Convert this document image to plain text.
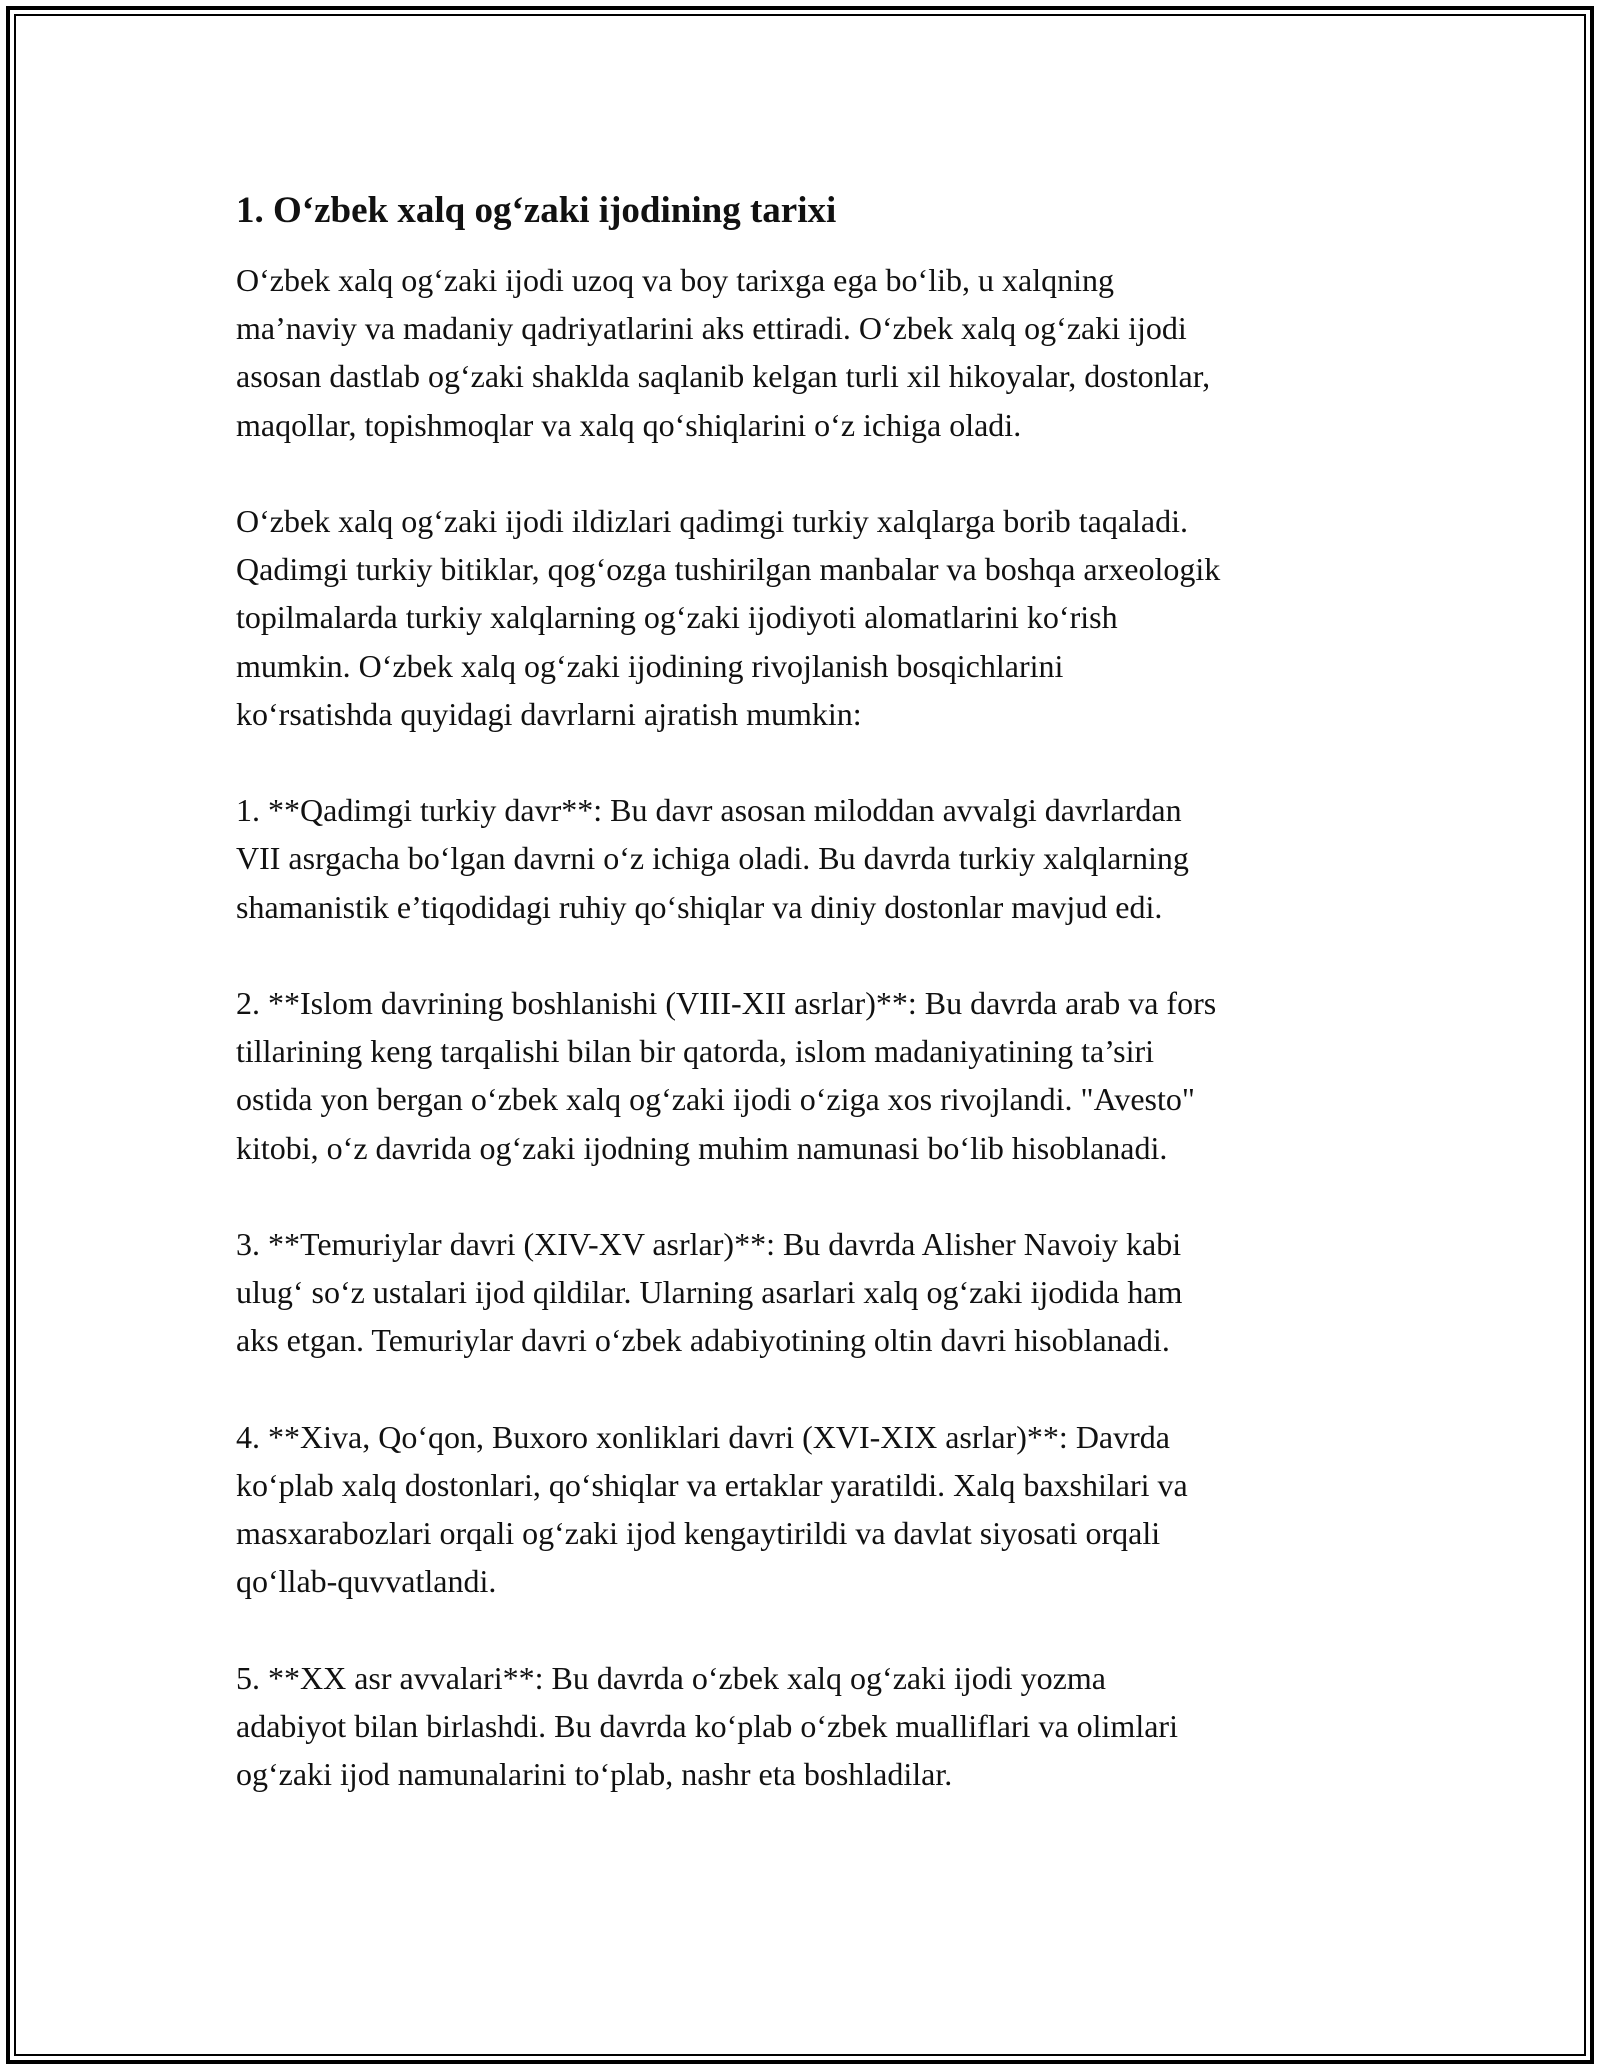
1. O‘zbek xalq og‘zaki ijodining tarixi

O‘zbek xalq og‘zaki ijodi uzoq va boy tarixga ega bo‘lib, u xalqning
ma’naviy va madaniy qadriyatlarini aks ettiradi. O‘zbek xalq og‘zaki ijodi
asosan dastlab og‘zaki shaklda saqlanib kelgan turli xil hikoyalar, dostonlar,
maqollar, topishmoqlar va xalq qo‘shiqlarini o‘z ichiga oladi.

O‘zbek xalq og‘zaki ijodi ildizlari qadimgi turkiy xalqlarga borib taqaladi.
Qadimgi turkiy bitiklar, qog‘ozga tushirilgan manbalar va boshqa arxeologik
topilmalarda turkiy xalqlarning og‘zaki ijodiyoti alomatlarini ko‘rish
mumkin. O‘zbek xalq og‘zaki ijodining rivojlanish bosqichlarini
ko‘rsatishda quyidagi davrlarni ajratish mumkin:

1. **Qadimgi turkiy davr**: Bu davr asosan miloddan avvalgi davrlardan
VII asrgacha bo‘lgan davrni o‘z ichiga oladi. Bu davrda turkiy xalqlarning
shamanistik e’tiqodidagi ruhiy qo‘shiqlar va diniy dostonlar mavjud edi.

2. **Islom davrining boshlanishi (VIII-XII asrlar)**: Bu davrda arab va fors
tillarining keng tarqalishi bilan bir qatorda, islom madaniyatining ta’siri
ostida yon bergan o‘zbek xalq og‘zaki ijodi o‘ziga xos rivojlandi. "Avesto"
kitobi, o‘z davrida og‘zaki ijodning muhim namunasi bo‘lib hisoblanadi.

3. **Temuriylar davri (XIV-XV asrlar)**: Bu davrda Alisher Navoiy kabi
ulug‘ so‘z ustalari ijod qildilar. Ularning asarlari xalq og‘zaki ijodida ham
aks etgan. Temuriylar davri o‘zbek adabiyotining oltin davri hisoblanadi.

4. **Xiva, Qo‘qon, Buxoro xonliklari davri (XVI-XIX asrlar)**: Davrda
ko‘plab xalq dostonlari, qo‘shiqlar va ertaklar yaratildi. Xalq baxshilari va
masxarabozlari orqali og‘zaki ijod kengaytirildi va davlat siyosati orqali
qo‘llab-quvvatlandi.

5. **XX asr avvalari**: Bu davrda o‘zbek xalq og‘zaki ijodi yozma
adabiyot bilan birlashdi. Bu davrda ko‘plab o‘zbek mualliflari va olimlari
og‘zaki ijod namunalarini to‘plab, nashr eta boshladilar.
